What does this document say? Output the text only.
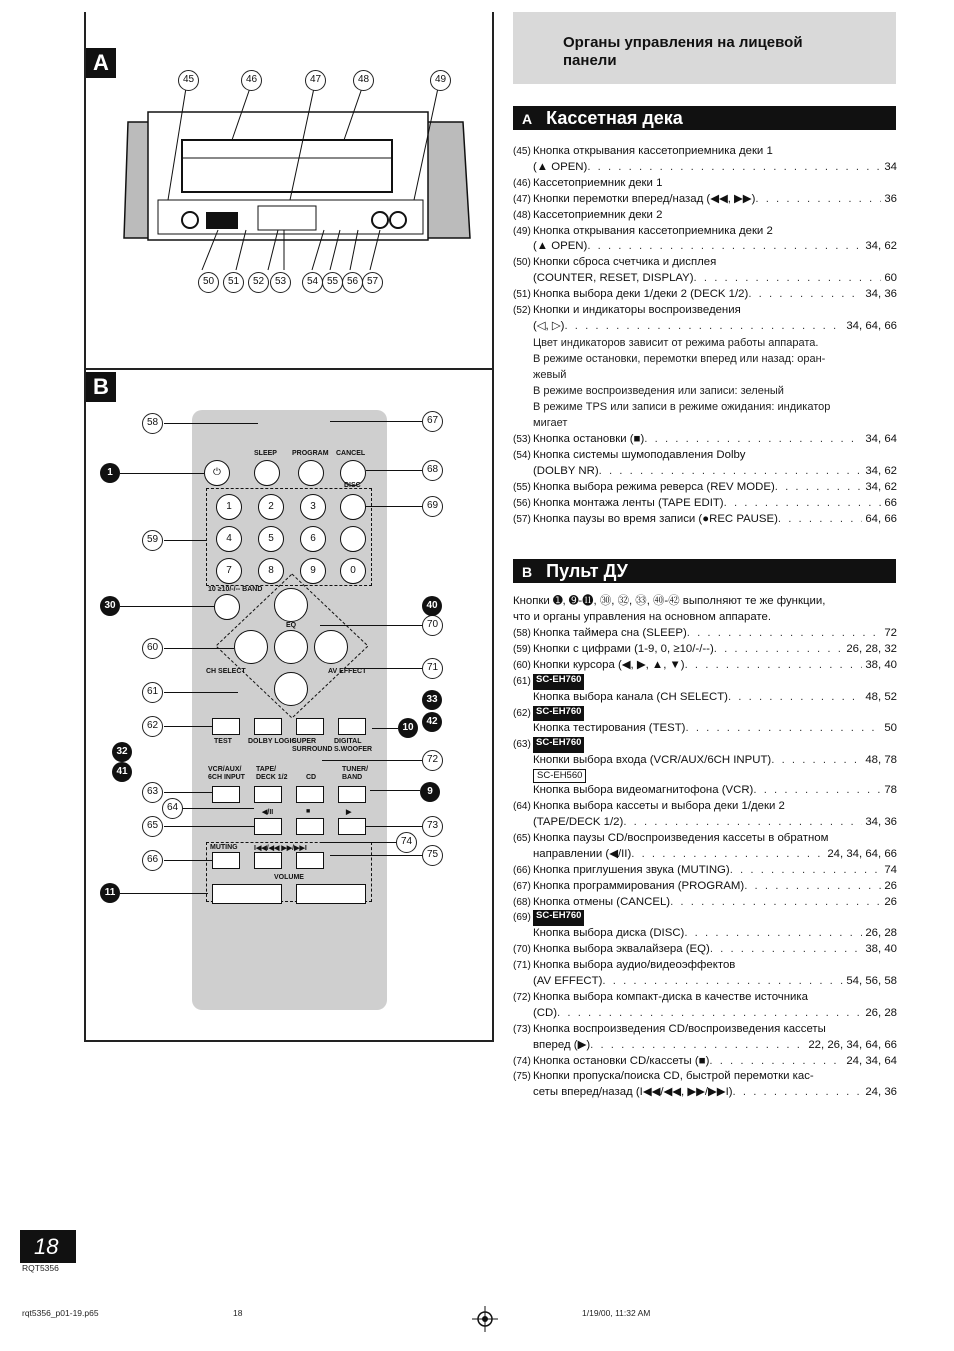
A
B
45	46	47	48	49
50	51	52	53	54 55 56 57
⏻
SLEEP PROGRAM CANCEL
DISC
1	2	3
4	5	6
7	8	9	0
10 ≥10/-/-- BAND
EQ
CH SELECT	AV EFFECT
TEST DOLBY LOGIC
SUPER SURROUND
DIGITAL S.WOOFER
VCR/AUX/ 6CH INPUT
TAPE/ DECK 1/2	CD
TUNER/ BAND
◀/II	■	▶
MUTING I◀◀/◀◀ ▶▶/▶▶I
VOLUME
58
59
60
61
62
63
64
65
66
67
68
69
70
71
72
73
74
75
1
30	40
33
42
10
32
41
9
11
Органы управления на лицевой
панели
A Кассетная дека
(45) Кнопка открывания кассетоприемника деки 1
(▲ OPEN) . . .	34
(46) Кассетоприемник деки 1
(47) Кнопки перемотки вперед/назад (◀◀, ▶▶) . . .	36
(48) Кассетоприемник деки 2
(49) Кнопка открывания кассетоприемника деки 2
(▲ OPEN) . . .	34, 62
(50) Кнопки сброса счетчика и дисплея
(COUNTER, RESET, DISPLAY) . . .	60
(51) Кнопка выбора деки 1/деки 2 (DECK 1/2) . . .	34, 36
(52) Кнопки и индикаторы воспроизведения
(◁, ▷) . . .	34, 64, 66
Цвет индикаторов зависит от режима работы аппарата.
В режиме остановки, перемотки вперед или назад: оран-
жевый
В режиме воспроизведения или записи: зеленый
В режиме TPS или записи в режиме ожидания: индикатор
мигает
(53) Кнопка остановки (■) . . .	34, 64
(54) Кнопка системы шумоподавления Dolby
(DOLBY NR) . . .	34, 62
(55) Кнопка выбора режима реверса (REV MODE) . . .	34, 62
(56) Кнопка монтажа ленты (TAPE EDIT) . . .	66
(57) Кнопка паузы во время записи (●REC PAUSE) . . .	64, 66
B Пульт ДУ
Кнопки ➊, ➒-⓫, ㉚, ㉜, ㉝, ㊵-㊷ выполняют те же функции,
что и органы управления на основном аппарате.
(58) Кнопка таймера сна (SLEEP) . . .	72
(59) Кнопки с цифрами (1-9, 0, ≥10/-/--) . . .	26, 28, 32
(60) Кнопки курсора (◀, ▶, ▲, ▼) . . .	38, 40
(61) SC-EH760
Кнопка выбора канала (CH SELECT) . . .	48, 52
(62) SC-EH760
Кнопка тестирования (TEST) . . .	50
(63) SC-EH760
Кнопки выбора входа (VCR/AUX/6CH INPUT) . . .	48, 78
SC-EH560
Кнопка выбора видеомагнитофона (VCR) . . .	78
(64) Кнопка выбора кассеты и выбора деки 1/деки 2
(TAPE/DECK 1/2) . . .	34, 36
(65) Кнопка паузы CD/воспроизведения кассеты в обратном
направлении (◀/II) . . .	24, 34, 64, 66
(66) Кнопка приглушения звука (MUTING) . . .	74
(67) Кнопка программирования (PROGRAM) . . .	26
(68) Кнопка отмены (CANCEL) . . .	26
(69) SC-EH760
Кнопка выбора диска (DISC) . . .	26, 28
(70) Кнопка выбора эквалайзера (EQ) . . .	38, 40
(71) Кнопка выбора аудио/видеоэффектов
(AV EFFECT) . . .	54, 56, 58
(72) Кнопка выбора компакт-диска в качестве источника
(CD) . . .	26, 28
(73) Кнопка воспроизведения CD/воспроизведения кассеты
вперед (▶) . . .	22, 26, 34, 64, 66
(74) Кнопка остановки CD/кассеты (■) . . .	24, 34, 64
(75) Кнопки пропуска/поиска CD, быстрой перемотки кас-
сеты вперед/назад (I◀◀/◀◀, ▶▶/▶▶I) . . .	24, 36
18
RQT5356
rqt5356_p01-19.p65	18	1/19/00, 11:32 AM
